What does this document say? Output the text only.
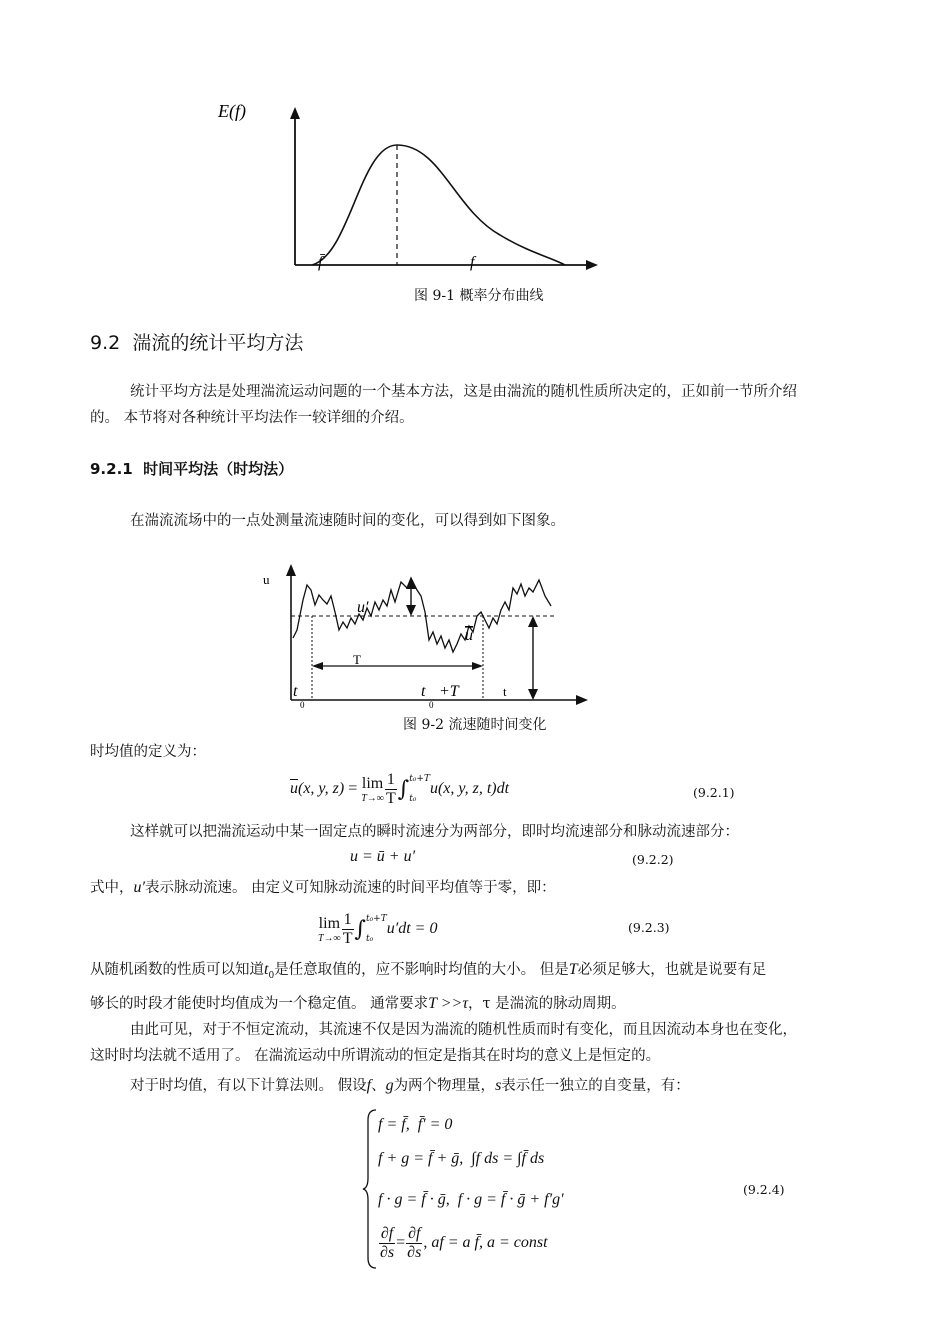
E(f)
f̄	f
图 9-1 概率分布曲线
9.2 湍流的统计平均方法
统计平均方法是处理湍流运动问题的一个基本方法，这是由湍流的随机性质所决定的，正如前一节所介绍
的。 本节将对各种统计平均法作一较详细的介绍。
9.2.1 时间平均法（时均法）
在湍流流场中的一点处测量流速随时间的变化，可以得到如下图象。
u
t
T
u′
u
t
0
t +T
0
图 9-2 流速随时间变化
时均值的定义为：
$\overline{u}$ (x, y, z) = lim
$T\to\infty \frac{1}{T}$ ∫ t₀+T
t₀
u(x, y, z, t)dt	(9.2.1)
这样就可以把湍流运动中某一固定点的瞬时流速分为两部分，即时均流速部分和脉动流速部分：
u = ū + u′	(9.2.2)
式中，u′表示脉动流速。 由定义可知脉动流速的时间平均值等于零，即：
lim
$T\to\infty \frac{1}{T}$ ∫ t₀+T
t₀
u′dt = 0	(9.2.3)
从随机函数的性质可以知道$t_0$是任意取值的，应不影响时均值的大小。 但是T必须足够大，也就是说要有足
够长的时段才能使时均值成为一个稳定值。 通常要求T >>τ，τ 是湍流的脉动周期。
由此可见，对于不恒定流动，其流速不仅是因为湍流的随机性质而时有变化，而且因流动本身也在变化，
这时时均法就不适用了。 在湍流运动中所谓流动的恒定是指其在时均的意义上是恒定的。
对于时均值，有以下计算法则。 假设f、g为两个物理量，s表示任一独立的自变量，有：
f = f̄, f̄′ = 0
f + g = f̄ + ḡ, ∫f ds = ∫f̄ ds
f · g = f̄ · ḡ, f · g = f̄ · ḡ + f′g′
$\frac{\partial f}{\partial s} = \frac{\partial f}{\partial s}$ ,
af = a f̄, a = const
(9.2.4)
